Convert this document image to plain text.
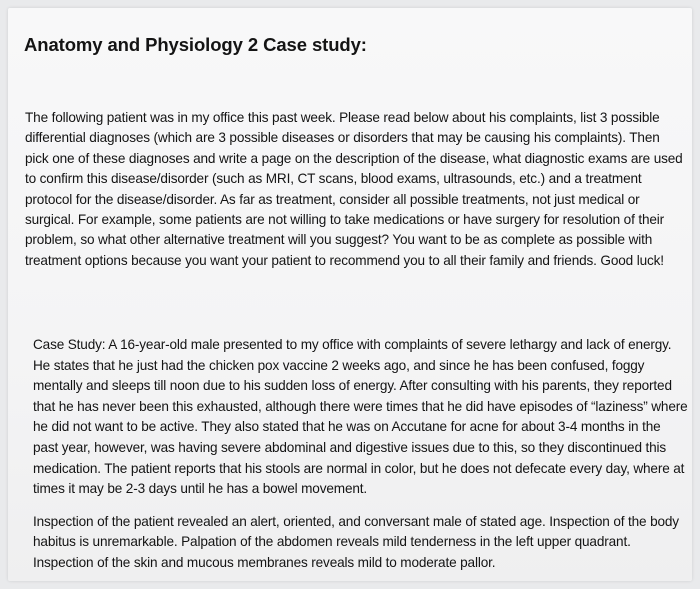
Anatomy and Physiology 2 Case study:

The following patient was in my office this past week. Please read below about his complaints, list 3 possible differential diagnoses (which are 3 possible diseases or disorders that may be causing his complaints). Then pick one of these diagnoses and write a page on the description of the disease, what diagnostic exams are used to confirm this disease/disorder (such as MRI, CT scans, blood exams, ultrasounds, etc.) and a treatment protocol for the disease/disorder. As far as treatment, consider all possible treatments, not just medical or surgical. For example, some patients are not willing to take medications or have surgery for resolution of their problem, so what other alternative treatment will you suggest? You want to be as complete as possible with treatment options because you want your patient to recommend you to all their family and friends. Good luck!

Case Study: A 16-year-old male presented to my office with complaints of severe lethargy and lack of energy. He states that he just had the chicken pox vaccine 2 weeks ago, and since he has been confused, foggy mentally and sleeps till noon due to his sudden loss of energy. After consulting with his parents, they reported that he has never been this exhausted, although there were times that he did have episodes of “laziness” where he did not want to be active. They also stated that he was on Accutane for acne for about 3-4 months in the past year, however, was having severe abdominal and digestive issues due to this, so they discontinued this medication. The patient reports that his stools are normal in color, but he does not defecate every day, where at times it may be 2-3 days until he has a bowel movement.

Inspection of the patient revealed an alert, oriented, and conversant male of stated age. Inspection of the body habitus is unremarkable. Palpation of the abdomen reveals mild tenderness in the left upper quadrant. Inspection of the skin and mucous membranes reveals mild to moderate pallor.
